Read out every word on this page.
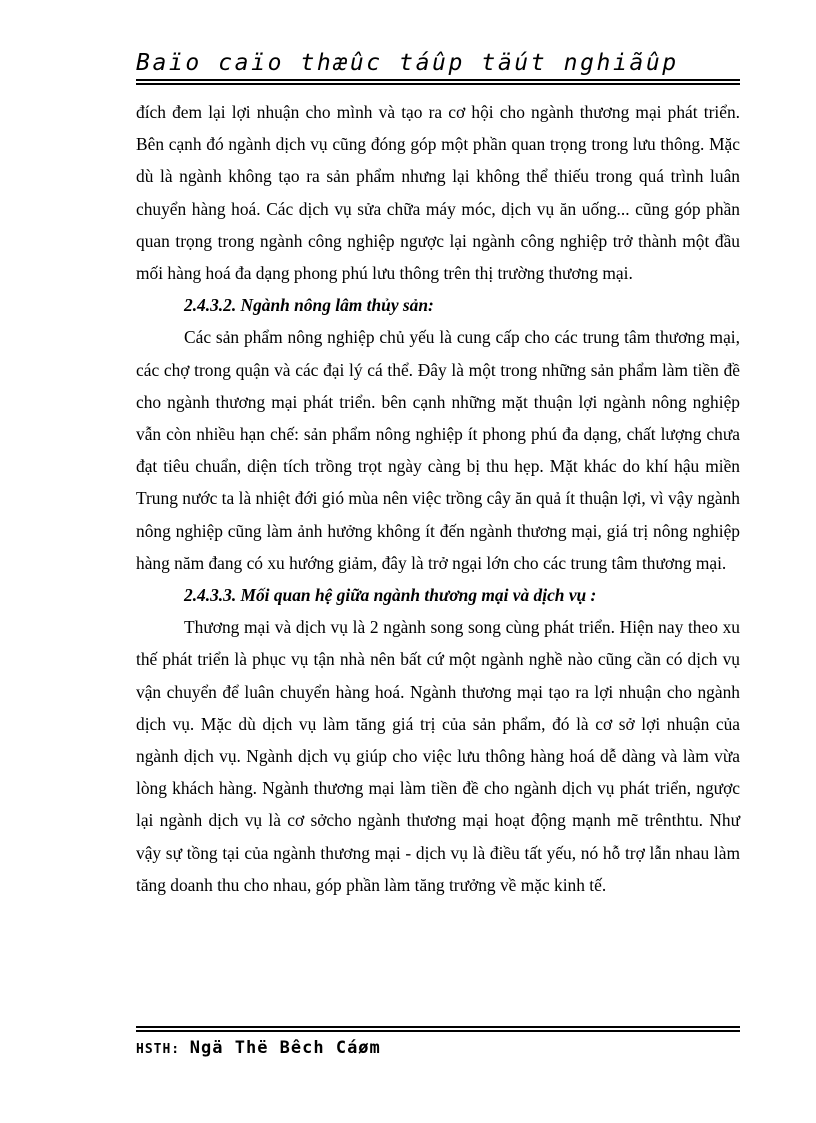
Baïo caïo thæûc táûp täút nghiãûp

đích đem lại lợi nhuận cho mình và tạo ra cơ hội cho ngành thương mại phát triển. Bên cạnh đó ngành dịch vụ cũng đóng góp một phần quan trọng trong lưu thông. Mặc dù là ngành không tạo ra sản phẩm nhưng lại không thể thiếu trong quá trình luân chuyển hàng hoá. Các dịch vụ sửa chữa máy móc, dịch vụ ăn uống... cũng góp phần quan trọng trong ngành công nghiệp ngược lại ngành công nghiệp trở thành một đầu mối hàng hoá đa dạng phong phú lưu thông trên thị trường thương mại.

2.4.3.2. Ngành nông lâm thủy sản:

Các sản phẩm nông nghiệp chủ yếu là cung cấp cho các trung tâm thương mại, các chợ trong quận và các đại lý cá thể. Đây là một trong những sản phẩm làm tiền đề cho ngành thương mại phát triển. bên cạnh những mặt thuận lợi ngành nông nghiệp vẫn còn nhiều hạn chế: sản phẩm nông nghiệp ít phong phú đa dạng, chất lượng chưa đạt tiêu chuẩn, diện tích trồng trọt ngày càng bị thu hẹp. Mặt khác do khí hậu miền Trung nước ta là nhiệt đới gió mùa nên việc trồng cây ăn quả ít thuận lợi, vì vậy ngành nông nghiệp cũng làm ảnh hưởng không ít đến ngành thương mại, giá trị nông nghiệp hàng năm đang có xu hướng giảm, đây là trở ngại lớn cho các trung tâm thương mại.

2.4.3.3. Mối quan hệ giữa ngành thương mại và dịch vụ :

Thương mại và dịch vụ là 2 ngành song song cùng phát triển. Hiện nay theo xu thế phát triển là phục vụ tận nhà nên bất cứ một ngành nghề nào cũng cần có dịch vụ vận chuyển để luân chuyển hàng hoá. Ngành thương mại tạo ra lợi nhuận cho ngành dịch vụ. Mặc dù dịch vụ làm tăng giá trị của sản phẩm, đó là cơ sở lợi nhuận của ngành dịch vụ. Ngành dịch vụ giúp cho việc lưu thông hàng hoá dễ dàng và làm vừa lòng khách hàng. Ngành thương mại làm tiền đề cho ngành dịch vụ phát triển, ngược lại ngành dịch vụ là cơ sởcho ngành thương mại hoạt động mạnh mẽ trênthtu. Như vậy sự tồng tại của ngành thương mại - dịch vụ là điều tất yếu, nó hỗ trợ lẫn nhau làm tăng doanh thu cho nhau, góp phần làm tăng trưởng về mặc kinh tế.

HSTH: Ngä Thë Bêch Cáøm
